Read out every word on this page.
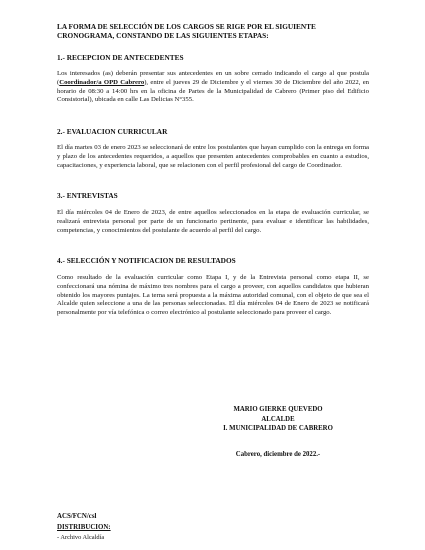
LA FORMA DE SELECCIÓN DE LOS CARGOS SE RIGE POR EL SIGUIENTE

CRONOGRAMA, CONSTANDO DE LAS SIGUIENTES ETAPAS:

1.- RECEPCION DE ANTECEDENTES

Los interesados (as) deberán presentar sus antecedentes en un sobre cerrado indicando el cargo al que postula (Coordinador/a OPD Cabrero), entre el jueves 29 de Diciembre y el viernes 30 de Diciembre del año 2022, en horario de 08:30 a 14:00 hrs en la oficina de Partes de la Municipalidad de Cabrero (Primer piso del Edificio Consistorial), ubicada en calle Las Delicias N°355.

2.- EVALUACION CURRICULAR

El día martes 03 de enero 2023 se seleccionará de entre los postulantes que hayan cumplido con la entrega en forma y plazo de los antecedentes requeridos, a aquellos que presenten antecedentes comprobables en cuanto a estudios, capacitaciones, y experiencia laboral, que se relacionen con el perfil profesional del cargo de Coordinador.

3.- ENTREVISTAS

El día miércoles 04 de Enero de 2023, de entre aquellos seleccionados en la etapa de evaluación curricular, se realizará entrevista personal por parte de un funcionario pertinente, para evaluar e identificar las habilidades, competencias, y conocimientos del postulante de acuerdo al perfil del cargo.

4.- SELECCIÓN Y NOTIFICACION DE RESULTADOS

Como resultado de la evaluación curricular como Etapa I, y de la Entrevista personal como etapa II, se confeccionará una nómina de máximo tres nombres para el cargo a proveer, con aquellos candidatos que hubieran obtenido los mayores puntajes. La terna será propuesta a la máxima autoridad comunal, con el objeto de que sea el Alcalde quien seleccione a una de las personas seleccionadas. El día miércoles 04 de Enero de 2023 se notificará personalmente por vía telefónica o correo electrónico al postulante seleccionado para proveer el cargo.

MARIO GIERKE QUEVEDO
ALCALDE
I. MUNICIPALIDAD DE CABRERO
Cabrero, diciembre de 2022.-
ACS/FCN/csl
DISTRIBUCION:
- Archivo Alcaldía
